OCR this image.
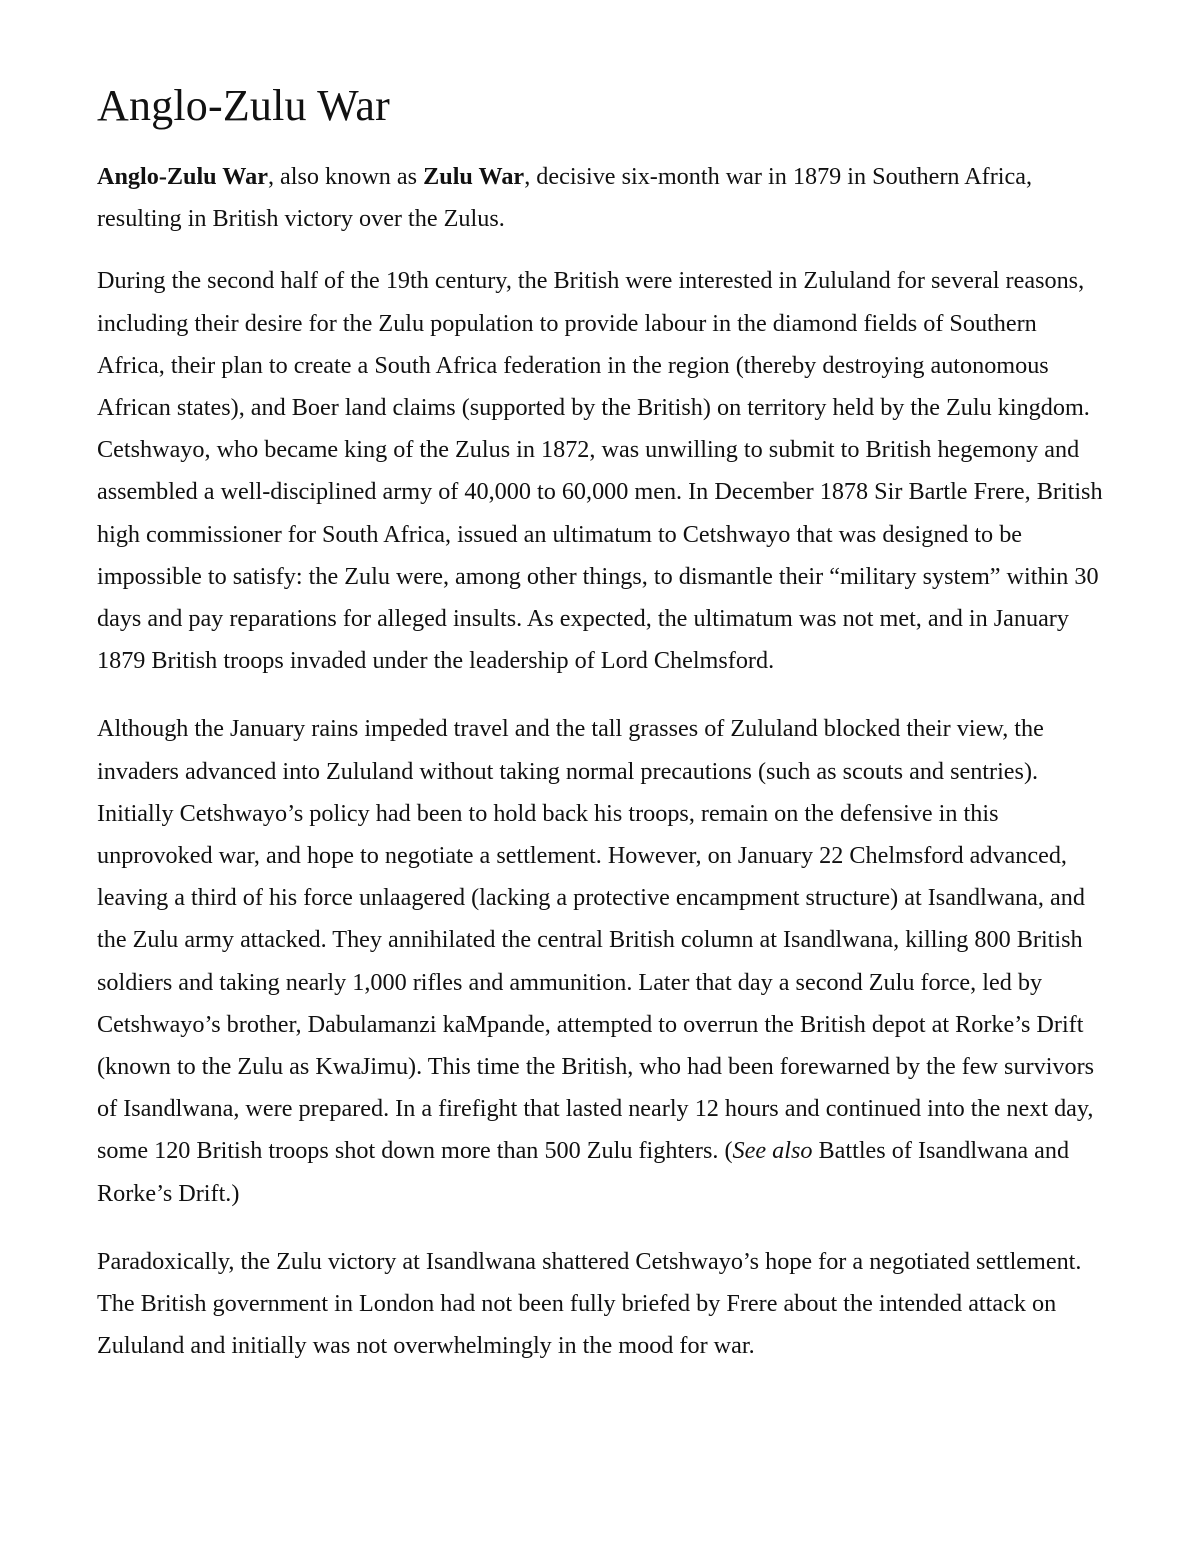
Anglo-Zulu War

Anglo-Zulu War, also known as Zulu War, decisive six-month war in 1879 in Southern Africa, resulting in British victory over the Zulus.

During the second half of the 19th century, the British were interested in Zululand for several reasons, including their desire for the Zulu population to provide labour in the diamond fields of Southern Africa, their plan to create a South Africa federation in the region (thereby destroying autonomous African states), and Boer land claims (supported by the British) on territory held by the Zulu kingdom. Cetshwayo, who became king of the Zulus in 1872, was unwilling to submit to British hegemony and assembled a well-disciplined army of 40,000 to 60,000 men. In December 1878 Sir Bartle Frere, British high commissioner for South Africa, issued an ultimatum to Cetshwayo that was designed to be impossible to satisfy: the Zulu were, among other things, to dismantle their “military system” within 30 days and pay reparations for alleged insults. As expected, the ultimatum was not met, and in January 1879 British troops invaded under the leadership of Lord Chelmsford.

Although the January rains impeded travel and the tall grasses of Zululand blocked their view, the invaders advanced into Zululand without taking normal precautions (such as scouts and sentries). Initially Cetshwayo’s policy had been to hold back his troops, remain on the defensive in this unprovoked war, and hope to negotiate a settlement. However, on January 22 Chelmsford advanced, leaving a third of his force unlaagered (lacking a protective encampment structure) at Isandlwana, and the Zulu army attacked. They annihilated the central British column at Isandlwana, killing 800 British soldiers and taking nearly 1,000 rifles and ammunition. Later that day a second Zulu force, led by Cetshwayo’s brother, Dabulamanzi kaMpande, attempted to overrun the British depot at Rorke’s Drift (known to the Zulu as KwaJimu). This time the British, who had been forewarned by the few survivors of Isandlwana, were prepared. In a firefight that lasted nearly 12 hours and continued into the next day, some 120 British troops shot down more than 500 Zulu fighters. (See also Battles of Isandlwana and Rorke’s Drift.)

Paradoxically, the Zulu victory at Isandlwana shattered Cetshwayo’s hope for a negotiated settlement. The British government in London had not been fully briefed by Frere about the intended attack on Zululand and initially was not overwhelmingly in the mood for war.
